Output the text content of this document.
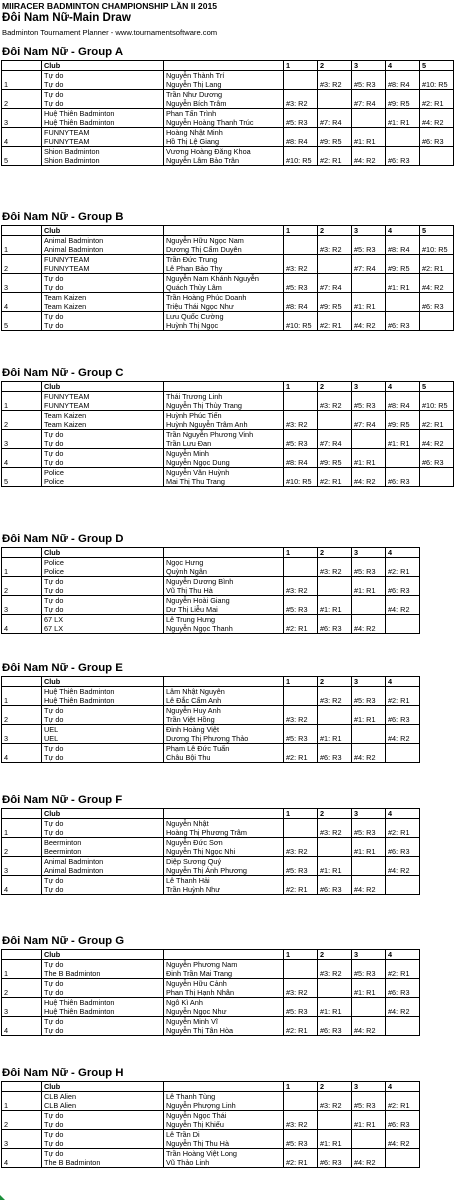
MIIRACER BADMINTON CHAMPIONSHIP LẦN II 2015
Đôi Nam Nữ-Main Draw
Badminton Tournament Planner - www.tournamentsoftware.com
Đôi Nam Nữ - Group A
	Club		1	2	3	4	5
	Tự do	Nguyễn Thành Trí					
1	Tự do	Nguyễn Thị Lang		#3: R2	#5: R3	#8: R4	#10: R5
	Tự do	Trần Như Dương					
2	Tự do	Nguyễn Bích Trâm	#3: R2		#7: R4	#9: R5	#2: R1
	Huệ Thiên Badminton	Phan Tấn Trình					
3	Huệ Thiên Badminton	Nguyễn Hoàng Thanh Trúc	#5: R3	#7: R4		#1: R1	#4: R2
	FUNNYTEAM	Hoàng Nhật Minh					
4	FUNNYTEAM	Hồ Thị Lệ Giang	#8: R4	#9: R5	#1: R1		#6: R3
	Shion Badminton	Vương Hoàng Đăng Khoa					
5	Shion Badminton	Nguyễn Lâm Bảo Trân	#10: R5	#2: R1	#4: R2	#6: R3	
Đôi Nam Nữ - Group B
	Club		1	2	3	4	5
	Animal Badminton	Nguyễn Hữu Ngọc Nam					
1	Animal Badminton	Dương Thị Cẩm Duyên		#3: R2	#5: R3	#8: R4	#10: R5
	FUNNYTEAM	Trần Đức Trung					
2	FUNNYTEAM	Lê Phan Bảo Thy	#3: R2		#7: R4	#9: R5	#2: R1
	Tự do	Nguyễn Nam Khánh Nguyễn					
3	Tự do	Quách Thùy Lâm	#5: R3	#7: R4		#1: R1	#4: R2
	Team Kaizen	Trần Hoàng Phúc Doanh					
4	Team Kaizen	Triệu Thái Ngọc Như	#8: R4	#9: R5	#1: R1		#6: R3
	Tự do	Lưu Quốc Cường					
5	Tự do	Huỳnh Thị Ngọc	#10: R5	#2: R1	#4: R2	#6: R3	
Đôi Nam Nữ - Group C
	Club		1	2	3	4	5
	FUNNYTEAM	Thái Trương Linh					
1	FUNNYTEAM	Nguyễn Thị Thùy Trang		#3: R2	#5: R3	#8: R4	#10: R5
	Team Kaizen	Huỳnh Phúc Tiến					
2	Team Kaizen	Huỳnh Nguyễn Trâm Anh	#3: R2		#7: R4	#9: R5	#2: R1
	Tự do	Trần Nguyễn Phương Vinh					
3	Tự do	Trần Lưu Đan	#5: R3	#7: R4		#1: R1	#4: R2
	Tự do	Nguyễn Minh					
4	Tự do	Nguyễn Ngọc Dung	#8: R4	#9: R5	#1: R1		#6: R3
	Police	Nguyễn Văn Huỳnh					
5	Police	Mai Thị Thu Trang	#10: R5	#2: R1	#4: R2	#6: R3	
Đôi Nam Nữ - Group D
	Club		1	2	3	4
	Police	Ngọc Hưng				
1	Police	Quỳnh Ngân		#3: R2	#5: R3	#2: R1
	Tự do	Nguyễn Dương Bình				
2	Tự do	Vũ Thị Thu Hà	#3: R2		#1: R1	#6: R3
	Tự do	Nguyễn Hoài Giang				
3	Tự do	Dư Thị Liễu Mai	#5: R3	#1: R1		#4: R2
	67 LX	Lê Trung Hưng				
4	67 LX	Nguyễn Ngọc Thanh	#2: R1	#6: R3	#4: R2	
Đôi Nam Nữ - Group E
	Club		1	2	3	4
	Huệ Thiên Badminton	Lâm Nhật Nguyên				
1	Huệ Thiên Badminton	Lê Đắc Cẩm Anh		#3: R2	#5: R3	#2: R1
	Tự do	Nguyễn Huy Anh				
2	Tự do	Trần Việt Hồng	#3: R2		#1: R1	#6: R3
	UEL	Đinh Hoàng Việt				
3	UEL	Dương Thị Phương Thảo	#5: R3	#1: R1		#4: R2
	Tự do	Phạm Lê Đức Tuấn				
4	Tự do	Châu Bội Thu	#2: R1	#6: R3	#4: R2	
Đôi Nam Nữ - Group F
	Club		1	2	3	4
	Tự do	Nguyễn Nhật				
1	Tự do	Hoàng Thị Phương Trâm		#3: R2	#5: R3	#2: R1
	Beerminton	Nguyễn Đức Sơn				
2	Beerminton	Nguyễn Thị Ngọc Nhi	#3: R2		#1: R1	#6: R3
	Animal Badminton	Diệp Sương Quý				
3	Animal Badminton	Nguyễn Thị Ánh Phương	#5: R3	#1: R1		#4: R2
	Tự do	Lê Thanh Hải				
4	Tự do	Trần Huỳnh Như	#2: R1	#6: R3	#4: R2	
Đôi Nam Nữ - Group G
	Club		1	2	3	4
	Tự do	Nguyễn Phương Nam				
1	The B Badminton	Đinh Trần Mai Trang		#3: R2	#5: R3	#2: R1
	Tự do	Nguyễn Hữu Cảnh				
2	Tự do	Phan Thị Hạnh Nhân	#3: R2		#1: R1	#6: R3
	Huệ Thiên Badminton	Ngô Kì Anh				
3	Huệ Thiên Badminton	Nguyễn Ngọc Như	#5: R3	#1: R1		#4: R2
	Tự do	Nguyễn Minh Vĩ				
4	Tự do	Nguyễn Thị Tân Hòa	#2: R1	#6: R3	#4: R2	
Đôi Nam Nữ - Group H
	Club		1	2	3	4
	CLB Alien	Lê Thanh Tùng				
1	CLB Alien	Nguyễn Phượng Linh		#3: R2	#5: R3	#2: R1
	Tự do	Nguyễn Ngọc Thái				
2	Tự do	Nguyễn Thị Khiếu	#3: R2		#1: R1	#6: R3
	Tự do	Lê Trần Di				
3	Tự do	Nguyễn Thị Thu Hà	#5: R3	#1: R1		#4: R2
	Tự do	Trần Hoàng Việt Long				
4	The B Badminton	Vũ Thảo Linh	#2: R1	#6: R3	#4: R2	
